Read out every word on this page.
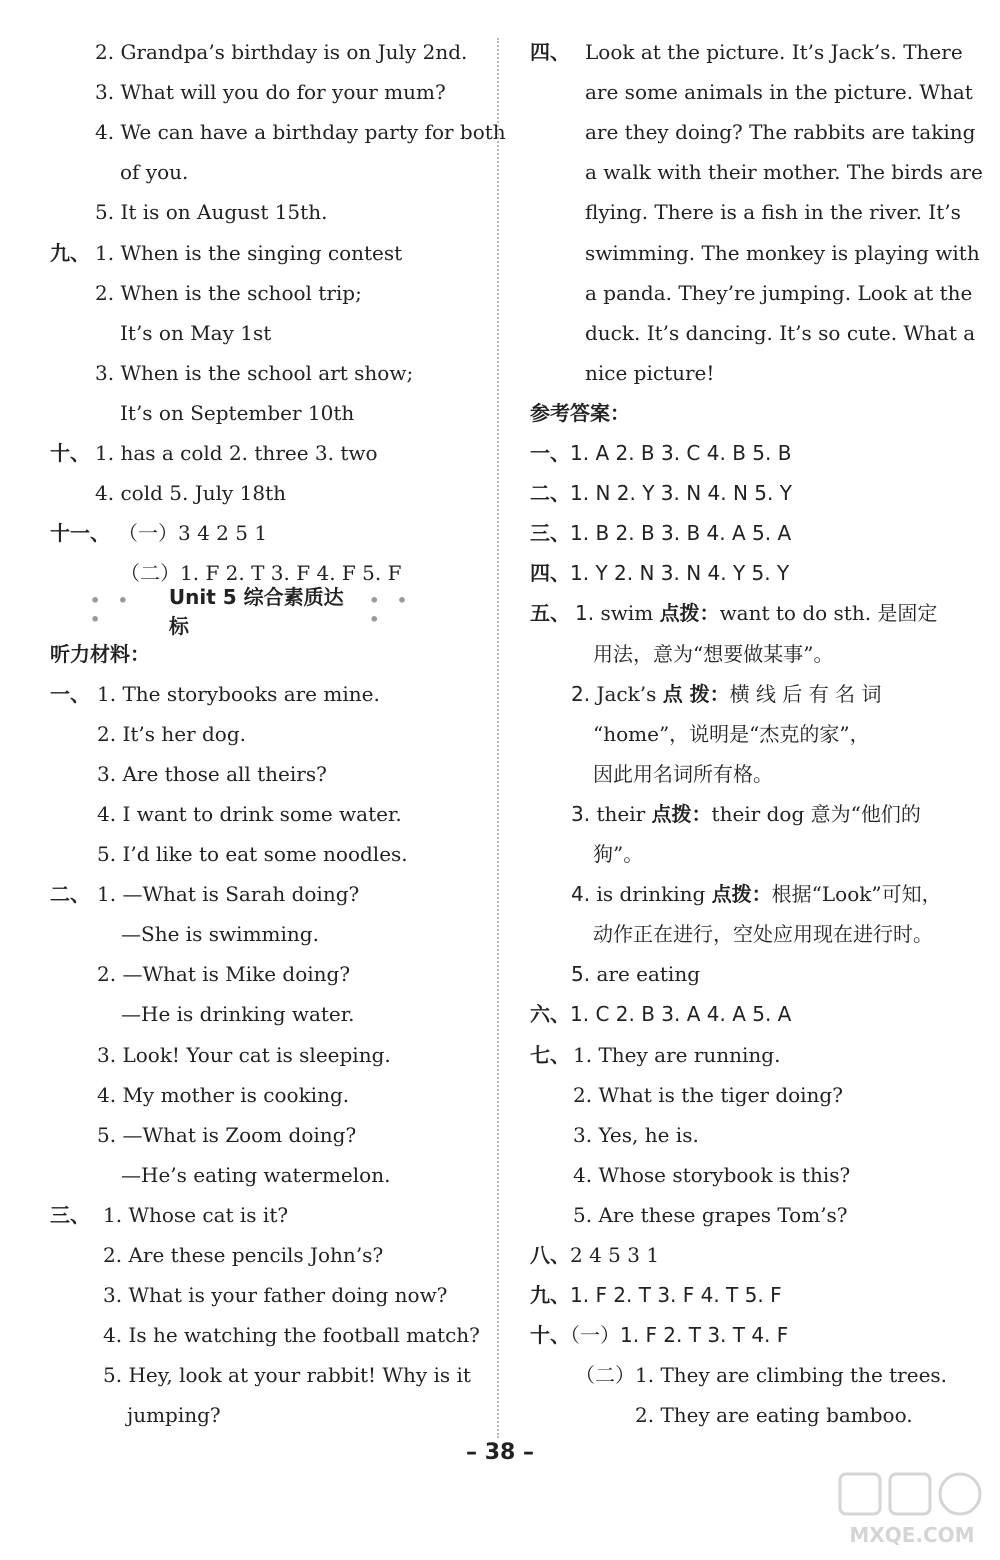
2. Grandpa’s birthday is on July 2nd.
3. What will you do for your mum?
4. We can have a birthday party for both
of you.
5. It is on August 15th.
九、 1. When is the singing contest
2. When is the school trip;
It’s on May 1st
3. When is the school art show;
It’s on September 10th
十、 1. has a cold 2. three 3. two
4. cold 5. July 18th
十一、 （一）3 4 2 5 1
（二）1. F 2. T 3. F 4. F 5. F
• • •
Unit 5 综合素质达标
• • •
听力材料：
一、 1. The storybooks are mine.
2. It’s her dog.
3. Are those all theirs?
4. I want to drink some water.
5. I’d like to eat some noodles.
二、 1. —What is Sarah doing?
—She is swimming.
2. —What is Mike doing?
—He is drinking water.
3. Look! Your cat is sleeping.
4. My mother is cooking.
5. —What is Zoom doing?
—He’s eating watermelon.
三、 1. Whose cat is it?
2. Are these pencils John’s?
3. What is your father doing now?
4. Is he watching the football match?
5. Hey, look at your rabbit! Why is it
jumping?
四、 Look at the picture. It’s Jack’s. There
are some animals in the picture. What
are they doing? The rabbits are taking
a walk with their mother. The birds are
flying. There is a fish in the river. It’s
swimming. The monkey is playing with
a panda. They’re jumping. Look at the
duck. It’s dancing. It’s so cute. What a
nice picture!
参考答案：
一、1. A 2. B 3. C 4. B 5. B
二、1. N 2. Y 3. N 4. N 5. Y
三、1. B 2. B 3. B 4. A 5. A
四、1. Y 2. N 3. N 4. Y 5. Y
五、 1. swim 点拨：want to do sth. 是固定
用法，意为“想要做某事”。
2. Jack’s 点 拨：横 线 后 有 名 词
“home”，说明是“杰克的家”，
因此用名词所有格。
3. their 点拨：their dog 意为“他们的
狗”。
4. is drinking 点拨：根据“Look”可知，
动作正在进行，空处应用现在进行时。
5. are eating
六、1. C 2. B 3. A 4. A 5. A
七、 1. They are running.
2. What is the tiger doing?
3. Yes, he is.
4. Whose storybook is this?
5. Are these grapes Tom’s?
八、2 4 5 3 1
九、1. F 2. T 3. F 4. T 5. F
十、（一）1. F 2. T 3. T 4. F
（二）1. They are climbing the trees.
2. They are eating bamboo.
– 38 –
MXQE.COM
